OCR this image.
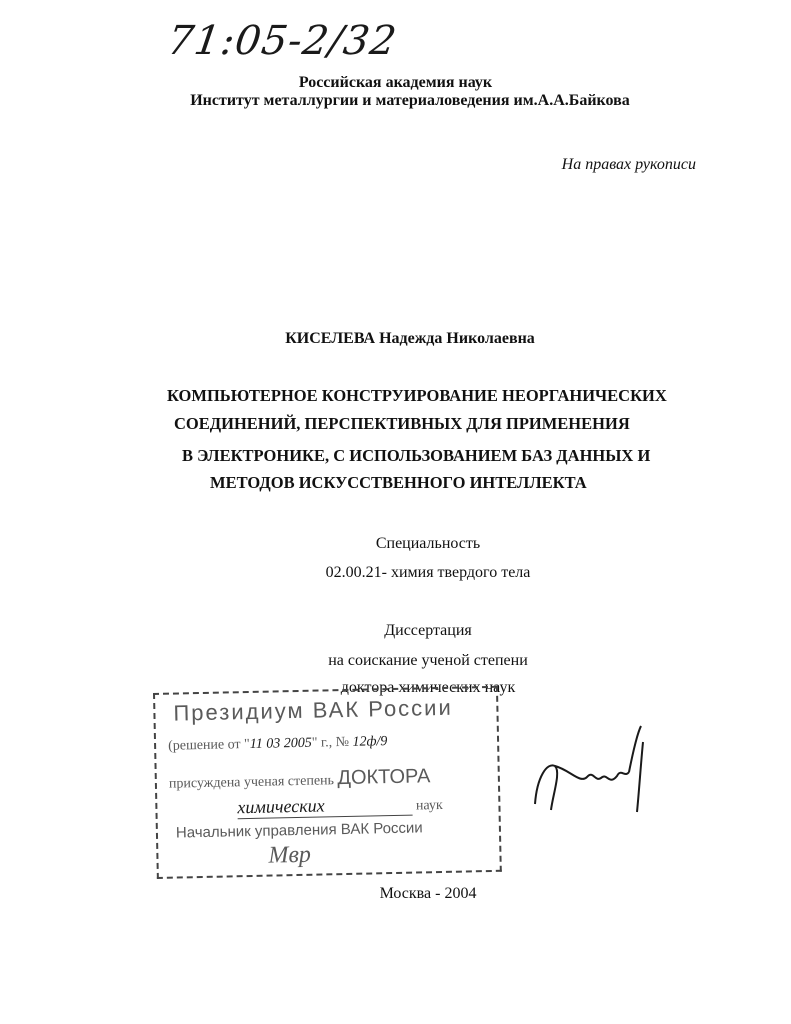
71:05-2/32
Российская академия наук
Институт металлургии и материаловедения им.А.А.Байкова
На правах рукописи
КИСЕЛЕВА Надежда Николаевна
КОМПЬЮТЕРНОЕ КОНСТРУИРОВАНИЕ НЕОРГАНИЧЕСКИХ
СОЕДИНЕНИЙ, ПЕРСПЕКТИВНЫХ ДЛЯ ПРИМЕНЕНИЯ
В ЭЛЕКТРОНИКЕ, С ИСПОЛЬЗОВАНИЕМ БАЗ ДАННЫХ И
МЕТОДОВ ИСКУССТВЕННОГО ИНТЕЛЛЕКТА
Специальность
02.00.21- химия твердого тела
Диссертация
на соискание ученой степени
доктора химических наук
Президиум ВАК России
(решение от "11 03 2005" г., № 12ф/9
присуждена ученая степень ДОКТОРА
химических	наук
Начальник управления ВАК России
Мвр
Кис
Москва - 2004
